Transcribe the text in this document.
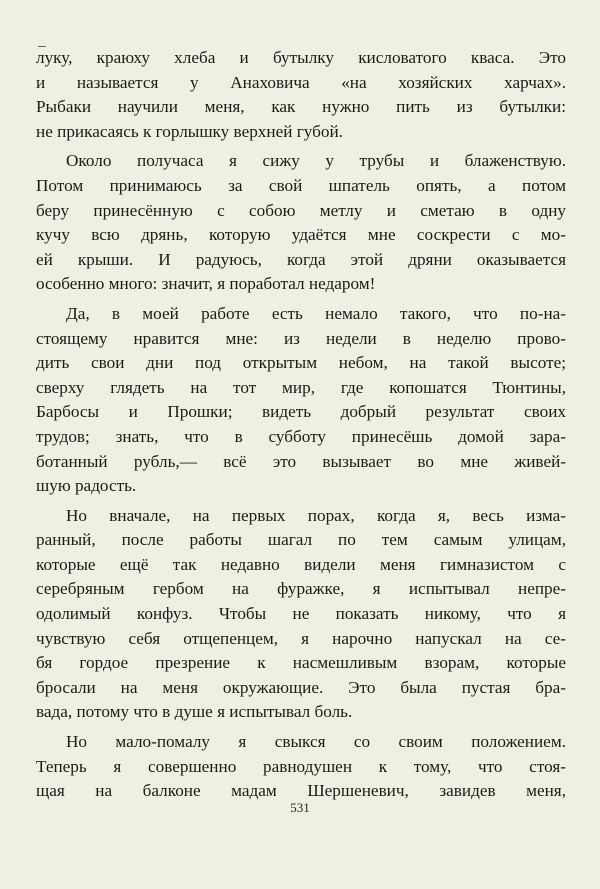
луку, краюху хлеба и бутылку кисловатого кваса. Это
и называется у Анаховича «на хозяйских харчах».
Рыбаки научили меня, как нужно пить из бутылки:
не прикасаясь к горлышку верхней губой.
Около получаса я сижу у трубы и блаженствую.
Потом принимаюсь за свой шпатель опять, а потом
беру принесённую с собою метлу и сметаю в одну
кучу всю дрянь, которую удаётся мне соскрести с мо-
ей крыши. И радуюсь, когда этой дряни оказывается
особенно много: значит, я поработал недаром!
Да, в моей работе есть немало такого, что по-на-
стоящему нравится мне: из недели в неделю прово-
дить свои дни под открытым небом, на такой высоте;
сверху глядеть на тот мир, где копошатся Тюнтины,
Барбосы и Прошки; видеть добрый результат своих
трудов; знать, что в субботу принесёшь домой зара-
ботанный рубль,— всё это вызывает во мне живей-
шую радость.
Но вначале, на первых порах, когда я, весь изма-
ранный, после работы шагал по тем самым улицам,
которые ещё так недавно видели меня гимназистом с
серебряным гербом на фуражке, я испытывал непре-
одолимый конфуз. Чтобы не показать никому, что я
чувствую себя отщепенцем, я нарочно напускал на се-
бя гордое презрение к насмешливым взорам, которые
бросали на меня окружающие. Это была пустая бра-
вада, потому что в душе я испытывал боль.
Но мало-помалу я свыкся со своим положением.
Теперь я совершенно равнодушен к тому, что стоя-
щая на балконе мадам Шершеневич, завидев меня,
531
